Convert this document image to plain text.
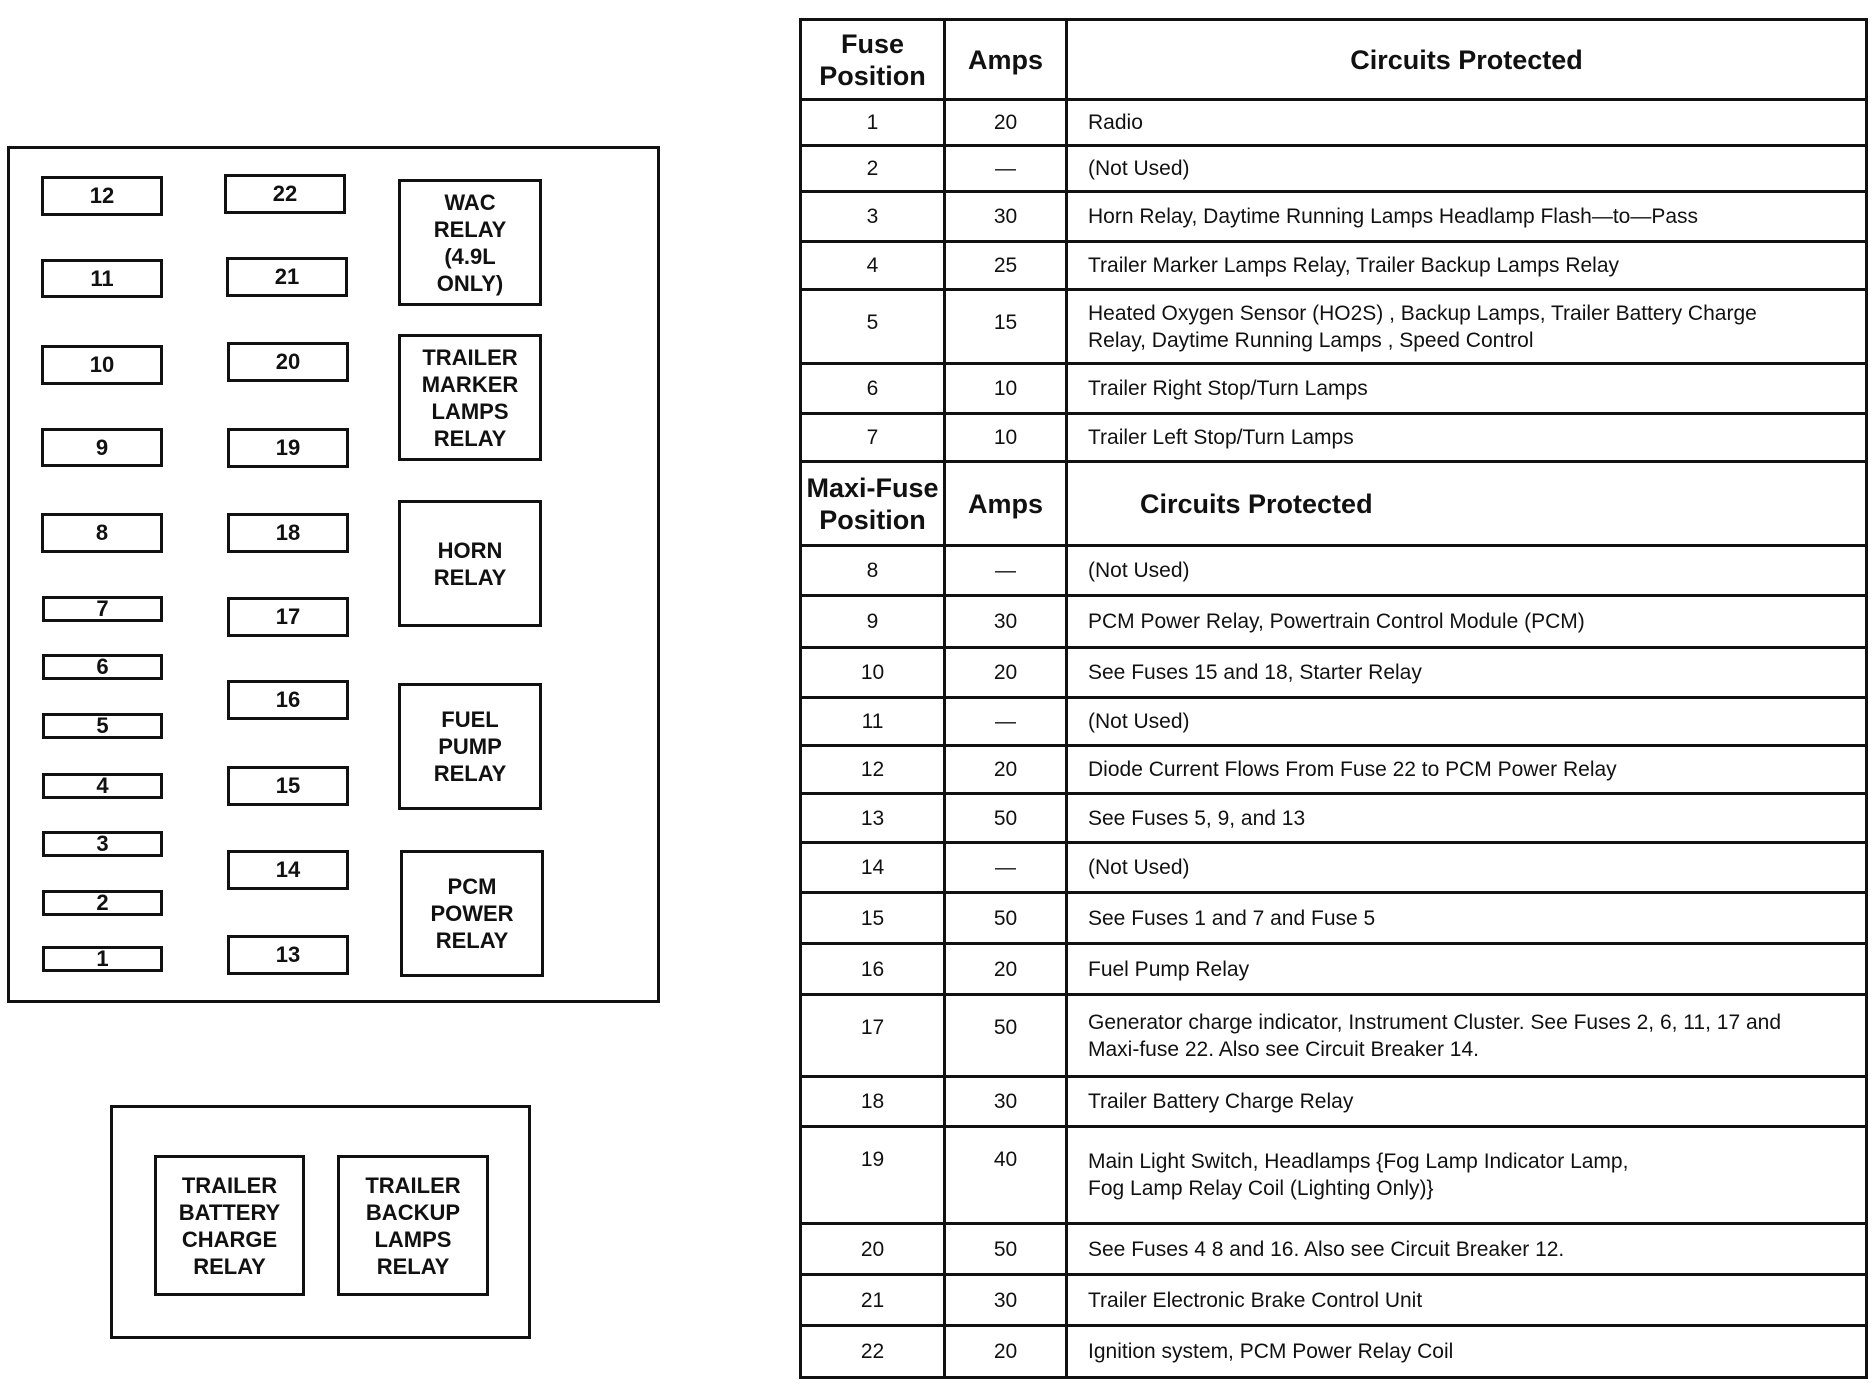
12
11
10
9
8
7
6
5
4
3
2
1
22
21
20
19
18
17
16
15
14
13
WAC
RELAY
(4.9L
ONLY)
TRAILER
MARKER
LAMPS
RELAY
HORN
RELAY
FUEL
PUMP
RELAY
PCM
POWER
RELAY
TRAILER
BATTERY
CHARGE
RELAY
TRAILER
BACKUP
LAMPS
RELAY
Fuse
Position	Amps	Circuits Protected
1	20	Radio
2	—	(Not Used)
3	30	Horn Relay, Daytime Running Lamps Headlamp Flash—to—Pass
4	25	Trailer Marker Lamps Relay, Trailer Backup Lamps Relay
5	15	Heated Oxygen Sensor (HO2S) , Backup Lamps, Trailer Battery Charge
Relay, Daytime Running Lamps , Speed Control
6	10	Trailer Right Stop/Turn Lamps
7	10	Trailer Left Stop/Turn Lamps
Maxi-Fuse
Position	Amps	Circuits Protected
8	—	(Not Used)
9	30	PCM Power Relay, Powertrain Control Module (PCM)
10	20	See Fuses 15 and 18, Starter Relay
11	—	(Not Used)
12	20	Diode Current Flows From Fuse 22 to PCM Power Relay
13	50	See Fuses 5, 9, and 13
14	—	(Not Used)
15	50	See Fuses 1 and 7 and Fuse 5
16	20	Fuel Pump Relay
17	50	Generator charge indicator, Instrument Cluster. See Fuses 2, 6, 11, 17 and
Maxi-fuse 22. Also see Circuit Breaker 14.
18	30	Trailer Battery Charge Relay
19	40	Main Light Switch, Headlamps {Fog Lamp Indicator Lamp,
Fog Lamp Relay Coil (Lighting Only)}
20	50	See Fuses 4 8 and 16. Also see Circuit Breaker 12.
21	30	Trailer Electronic Brake Control Unit
22	20	Ignition system, PCM Power Relay Coil
